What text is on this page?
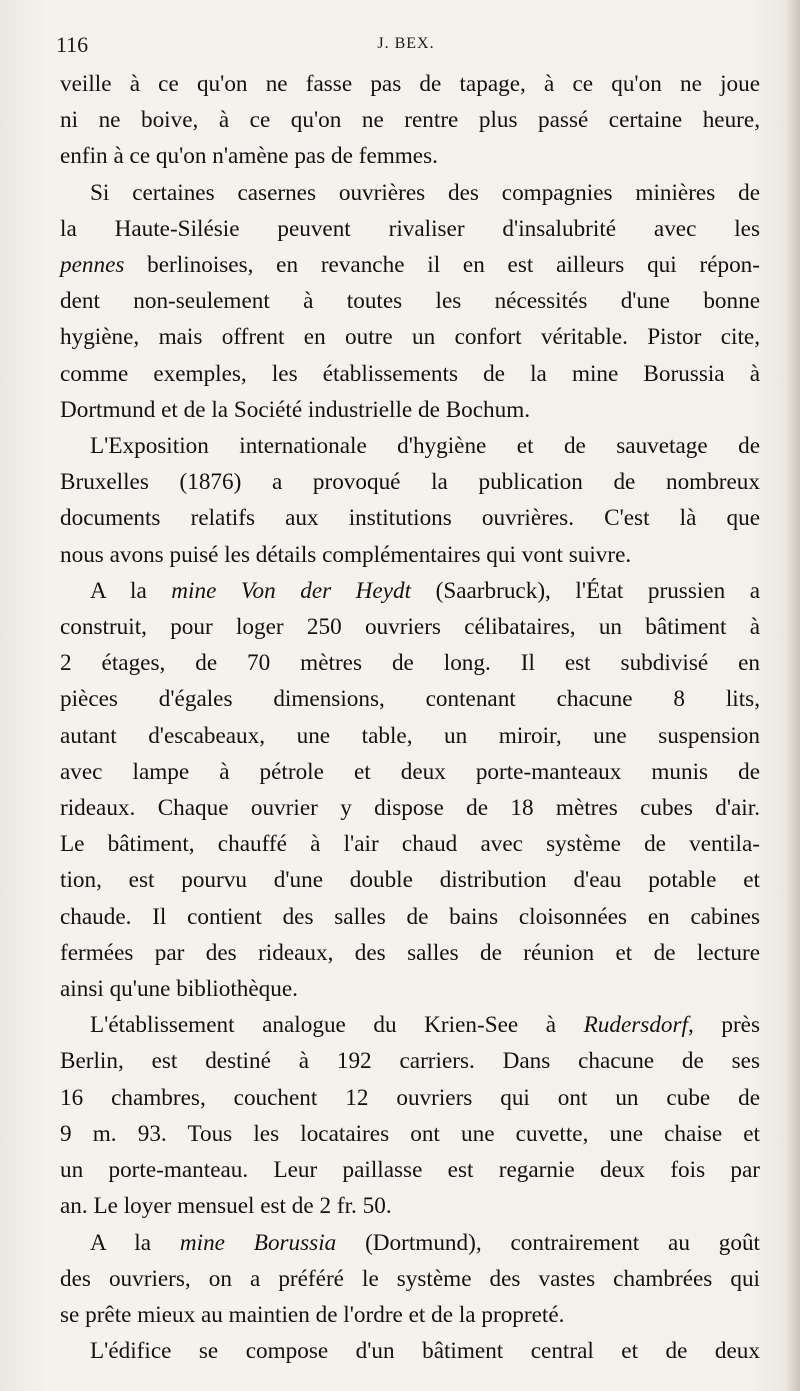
116	J. BEX.
veille à ce qu'on ne fasse pas de tapage, à ce qu'on ne joue
ni ne boive, à ce qu'on ne rentre plus passé certaine heure,
enfin à ce qu'on n'amène pas de femmes.
Si certaines casernes ouvrières des compagnies minières de
la Haute-Silésie peuvent rivaliser d'insalubrité avec les
pennes berlinoises, en revanche il en est ailleurs qui répon-
dent non-seulement à toutes les nécessités d'une bonne
hygiène, mais offrent en outre un confort véritable. Pistor cite,
comme exemples, les établissements de la mine Borussia à
Dortmund et de la Société industrielle de Bochum.
L'Exposition internationale d'hygiène et de sauvetage de
Bruxelles (1876) a provoqué la publication de nombreux
documents relatifs aux institutions ouvrières. C'est là que
nous avons puisé les détails complémentaires qui vont suivre.
A la mine Von der Heydt (Saarbruck), l'État prussien a
construit, pour loger 250 ouvriers célibataires, un bâtiment à
2 étages, de 70 mètres de long. Il est subdivisé en
pièces d'égales dimensions, contenant chacune 8 lits,
autant d'escabeaux, une table, un miroir, une suspension
avec lampe à pétrole et deux porte-manteaux munis de
rideaux. Chaque ouvrier y dispose de 18 mètres cubes d'air.
Le bâtiment, chauffé à l'air chaud avec système de ventila-
tion, est pourvu d'une double distribution d'eau potable et
chaude. Il contient des salles de bains cloisonnées en cabines
fermées par des rideaux, des salles de réunion et de lecture
ainsi qu'une bibliothèque.
L'établissement analogue du Krien-See à Rudersdorf, près
Berlin, est destiné à 192 carriers. Dans chacune de ses
16 chambres, couchent 12 ouvriers qui ont un cube de
9 m. 93. Tous les locataires ont une cuvette, une chaise et
un porte-manteau. Leur paillasse est regarnie deux fois par
an. Le loyer mensuel est de 2 fr. 50.
A la mine Borussia (Dortmund), contrairement au goût
des ouvriers, on a préféré le système des vastes chambrées qui
se prête mieux au maintien de l'ordre et de la propreté.
L'édifice se compose d'un bâtiment central et de deux
